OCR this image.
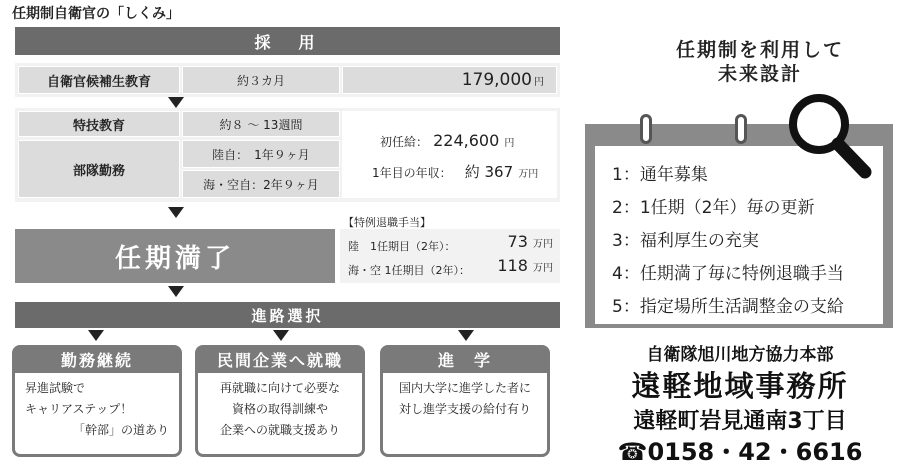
任期制自衛官の「しくみ」
採　用
自衛官候補生教育	約３カ月	179,000 円
特技教育	約８ 〜 13週間
部隊勤務
陸自：　1年９ヶ月
海・空自：2年９ヶ月
初任給： 224,600 円
1年目の年収： 約 367 万円
任期満了
【特例退職手当】
陸　1任期目（2年）：	73 万円
海・空 1任期目（2年）： 118 万円
進路選択
勤務継続
昇進試験で
キャリアステップ！
「幹部」の道あり
民間企業へ就職
再就職に向けて必要な
資格の取得訓練や
企業への就職支援あり
進　学
国内大学に進学した者に
対し進学支援の給付有り
任期制を利用して
未来設計
1：通年募集
2：1任期（2年）毎の更新
3：福利厚生の充実
4：任期満了毎に特例退職手当
5：指定場所生活調整金の支給
自衛隊旭川地方協力本部
遠軽地域事務所
遠軽町岩見通南3丁目
☎0158・42・6616
